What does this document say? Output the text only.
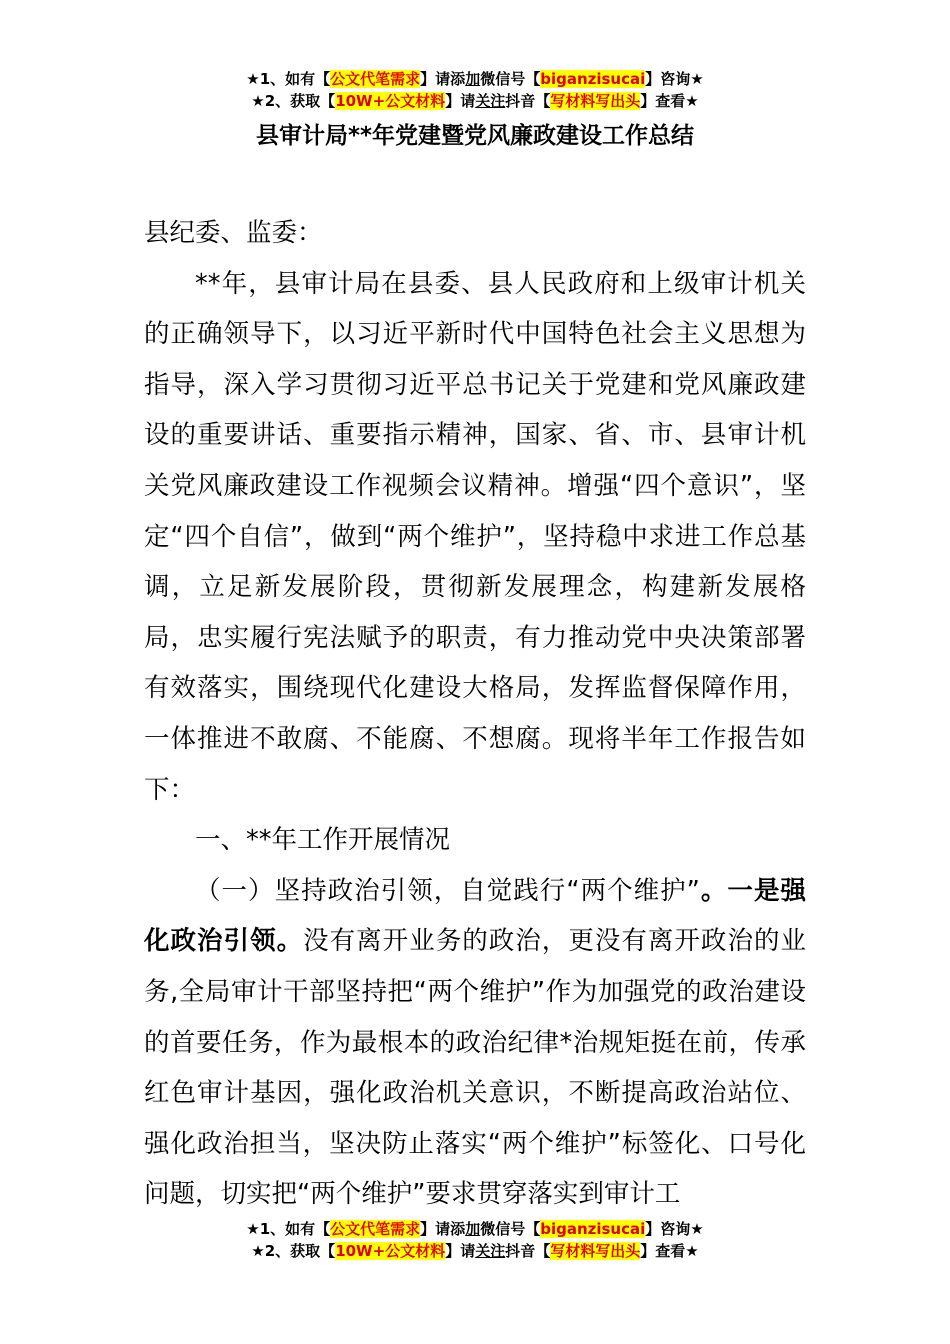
★1、如有【公文代笔需求】请添加微信号【biganzisucai】咨询★
★2、获取【10W+公文材料】请关注抖音【写材料写出头】查看★
县审计局**年党建暨党风廉政建设工作总结

县纪委、监委：

**年，县审计局在县委、县人民政府和上级审计机关的正确领导下，以习近平新时代中国特色社会主义思想为指导，深入学习贯彻习近平总书记关于党建和党风廉政建设的重要讲话、重要指示精神，国家、省、市、县审计机关党风廉政建设工作视频会议精神。增强“四个意识”，坚定“四个自信”，做到“两个维护”，坚持稳中求进工作总基调，立足新发展阶段，贯彻新发展理念，构建新发展格局，忠实履行宪法赋予的职责，有力推动党中央决策部署有效落实，围绕现代化建设大格局，发挥监督保障作用，一体推进不敢腐、不能腐、不想腐。现将半年工作报告如下：

一、**年工作开展情况

（一）坚持政治引领，自觉践行“两个维护”。一是强化政治引领。没有离开业务的政治，更没有离开政治的业务,全局审计干部坚持把“两个维护”作为加强党的政治建设的首要任务，作为最根本的政治纪律*治规矩挺在前，传承红色审计基因，强化政治机关意识，不断提高政治站位、强化政治担当，坚决防止落实“两个维护”标签化、口号化问题，切实把“两个维护”要求贯穿落实到审计工

★1、如有【公文代笔需求】请添加微信号【biganzisucai】咨询★
★2、获取【10W+公文材料】请关注抖音【写材料写出头】查看★
